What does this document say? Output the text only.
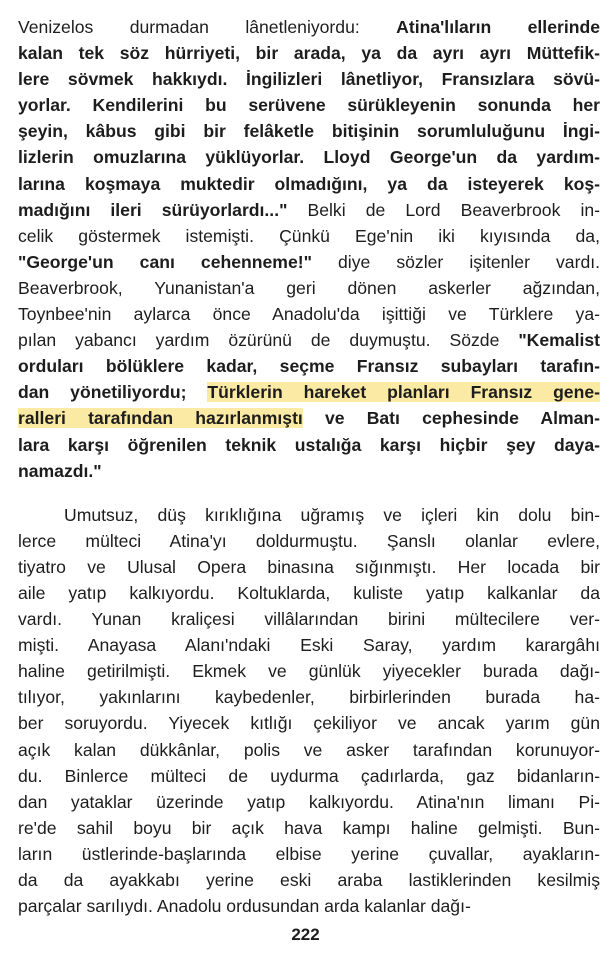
Venizelos durmadan lânetleniyordu: Atina'lıların ellerinde
kalan tek söz hürriyeti, bir arada, ya da ayrı ayrı Müttefik-
lere sövmek hakkıydı. İngilizleri lânetliyor, Fransızlara sövü-
yorlar. Kendilerini bu serüvene sürükleyenin sonunda her
şeyin, kâbus gibi bir felâketle bitişinin sorumluluğunu İngi-
lizlerin omuzlarına yüklüyorlar. Lloyd George'un da yardım-
larına koşmaya muktedir olmadığını, ya da isteyerek koş-
madığını ileri sürüyorlardı..." Belki de Lord Beaverbrook in-
celik göstermek istemişti. Çünkü Ege'nin iki kıyısında da,
"George'un canı cehenneme!" diye sözler işitenler vardı.
Beaverbrook, Yunanistan'a geri dönen askerler ağzından,
Toynbee'nin aylarca önce Anadolu'da işittiği ve Türklere ya-
pılan yabancı yardım özürünü de duymuştu. Sözde "Kemalist
orduları bölüklere kadar, seçme Fransız subayları tarafın-
dan yönetiliyordu; Türklerin hareket planları Fransız gene-
ralleri tarafından hazırlanmıştı ve Batı cephesinde Alman-
lara karşı öğrenilen teknik ustalığa karşı hiçbir şey daya-
namazdı."
Umutsuz, düş kırıklığına uğramış ve içleri kin dolu bin-
lerce mülteci Atina'yı doldurmuştu. Şanslı olanlar evlere,
tiyatro ve Ulusal Opera binasına sığınmıştı. Her locada bir
aile yatıp kalkıyordu. Koltuklarda, kuliste yatıp kalkanlar da
vardı. Yunan kraliçesi villâlarından birini mültecilere ver-
mişti. Anayasa Alanı'ndaki Eski Saray, yardım karargâhı
haline getirilmişti. Ekmek ve günlük yiyecekler burada dağı-
tılıyor, yakınlarını kaybedenler, birbirlerinden burada ha-
ber soruyordu. Yiyecek kıtlığı çekiliyor ve ancak yarım gün
açık kalan dükkânlar, polis ve asker tarafından korunuyor-
du. Binlerce mülteci de uydurma çadırlarda, gaz bidanların-
dan yataklar üzerinde yatıp kalkıyordu. Atina'nın limanı Pi-
re'de sahil boyu bir açık hava kampı haline gelmişti. Bun-
ların üstlerinde-başlarında elbise yerine çuvallar, ayakların-
da da ayakkabı yerine eski araba lastiklerinden kesilmiş
parçalar sarılıydı. Anadolu ordusundan arda kalanlar dağı-
222
